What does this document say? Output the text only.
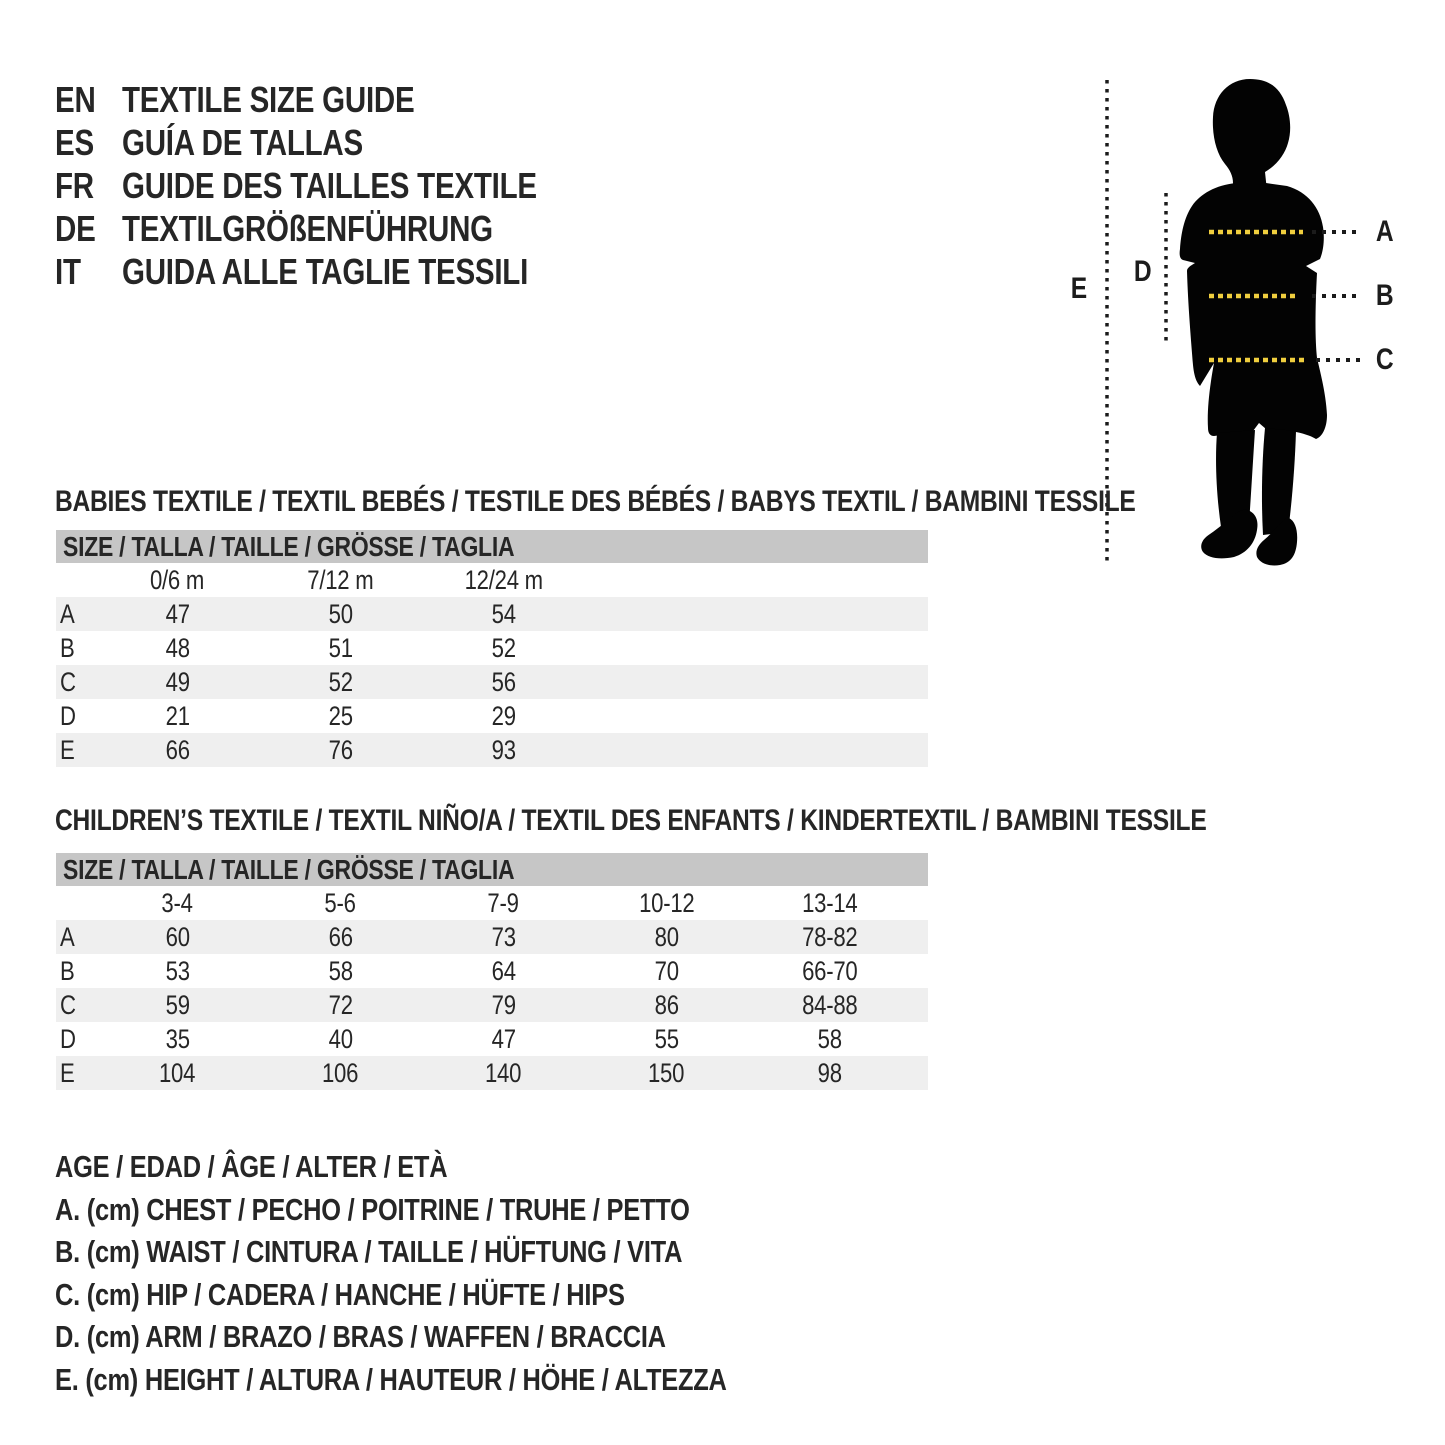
EN TEXTILE SIZE GUIDE
ES GUÍA DE TALLAS
FR GUIDE DES TAILLES TEXTILE
DE TEXTILGRÖßENFÜHRUNG
IT	GUIDA ALLE TAGLIE TESSILI
A
B
C
D
E
BABIES TEXTILE / TEXTIL BEBÉS / TESTILE DES BÉBÉS / BABYS TEXTIL / BAMBINI TESSILE
SIZE / TALLA / TAILLE / GRÖSSE / TAGLIA
0/6 m	7/12 m	12/24 m
A	47	50	54
B	48	51	52
C	49	52	56
D	21	25	29
E	66	76	93
CHILDREN’S TEXTILE / TEXTIL NIÑO/A / TEXTIL DES ENFANTS / KINDERTEXTIL / BAMBINI TESSILE
SIZE / TALLA / TAILLE / GRÖSSE / TAGLIA
3-4	5-6	7-9	10-12	13-14
A	60	66	73	80	78-82
B	53	58	64	70	66-70
C	59	72	79	86	84-88
D	35	40	47	55	58
E	104	106	140	150	98
AGE / EDAD / ÂGE / ALTER / ETÀ
A. (cm) CHEST / PECHO / POITRINE / TRUHE / PETTO
B. (cm) WAIST / CINTURA / TAILLE / HÜFTUNG / VITA
C. (cm) HIP / CADERA / HANCHE / HÜFTE / HIPS
D. (cm) ARM / BRAZO / BRAS / WAFFEN / BRACCIA
E. (cm) HEIGHT / ALTURA / HAUTEUR / HÖHE / ALTEZZA
